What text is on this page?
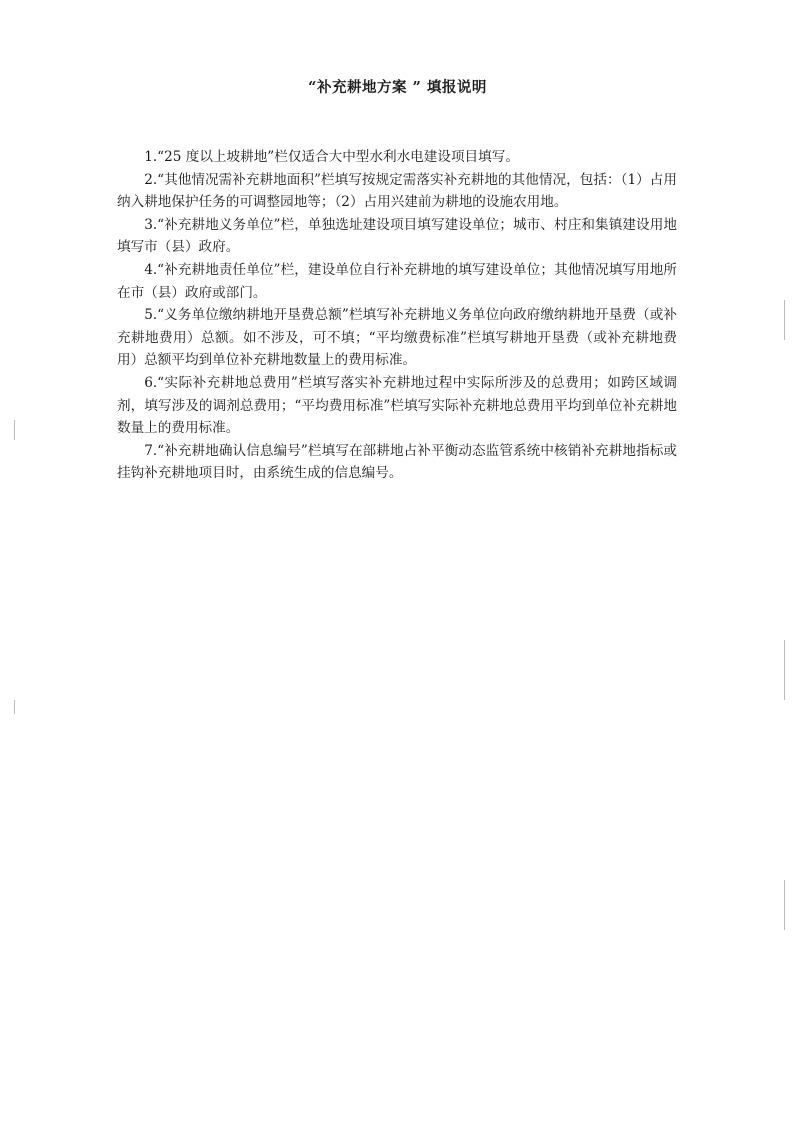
“补充耕地方案 ” 填报说明

1.“25 度以上坡耕地”栏仅适合大中型水利水电建设项目填写。

2.“其他情况需补充耕地面积”栏填写按规定需落实补充耕地的其他情况，包括：（1）占用纳入耕地保护任务的可调整园地等；（2）占用兴建前为耕地的设施农用地。

3.“补充耕地义务单位”栏，单独选址建设项目填写建设单位；城市、村庄和集镇建设用地填写市（县）政府。

4.“补充耕地责任单位”栏，建设单位自行补充耕地的填写建设单位；其他情况填写用地所在市（县）政府或部门。

5.“义务单位缴纳耕地开垦费总额”栏填写补充耕地义务单位向政府缴纳耕地开垦费（或补充耕地费用）总额。如不涉及，可不填；“平均缴费标准”栏填写耕地开垦费（或补充耕地费用）总额平均到单位补充耕地数量上的费用标准。

6.“实际补充耕地总费用”栏填写落实补充耕地过程中实际所涉及的总费用；如跨区域调剂，填写涉及的调剂总费用；“平均费用标准”栏填写实际补充耕地总费用平均到单位补充耕地数量上的费用标准。

7.“补充耕地确认信息编号”栏填写在部耕地占补平衡动态监管系统中核销补充耕地指标或挂钩补充耕地项目时，由系统生成的信息编号。
